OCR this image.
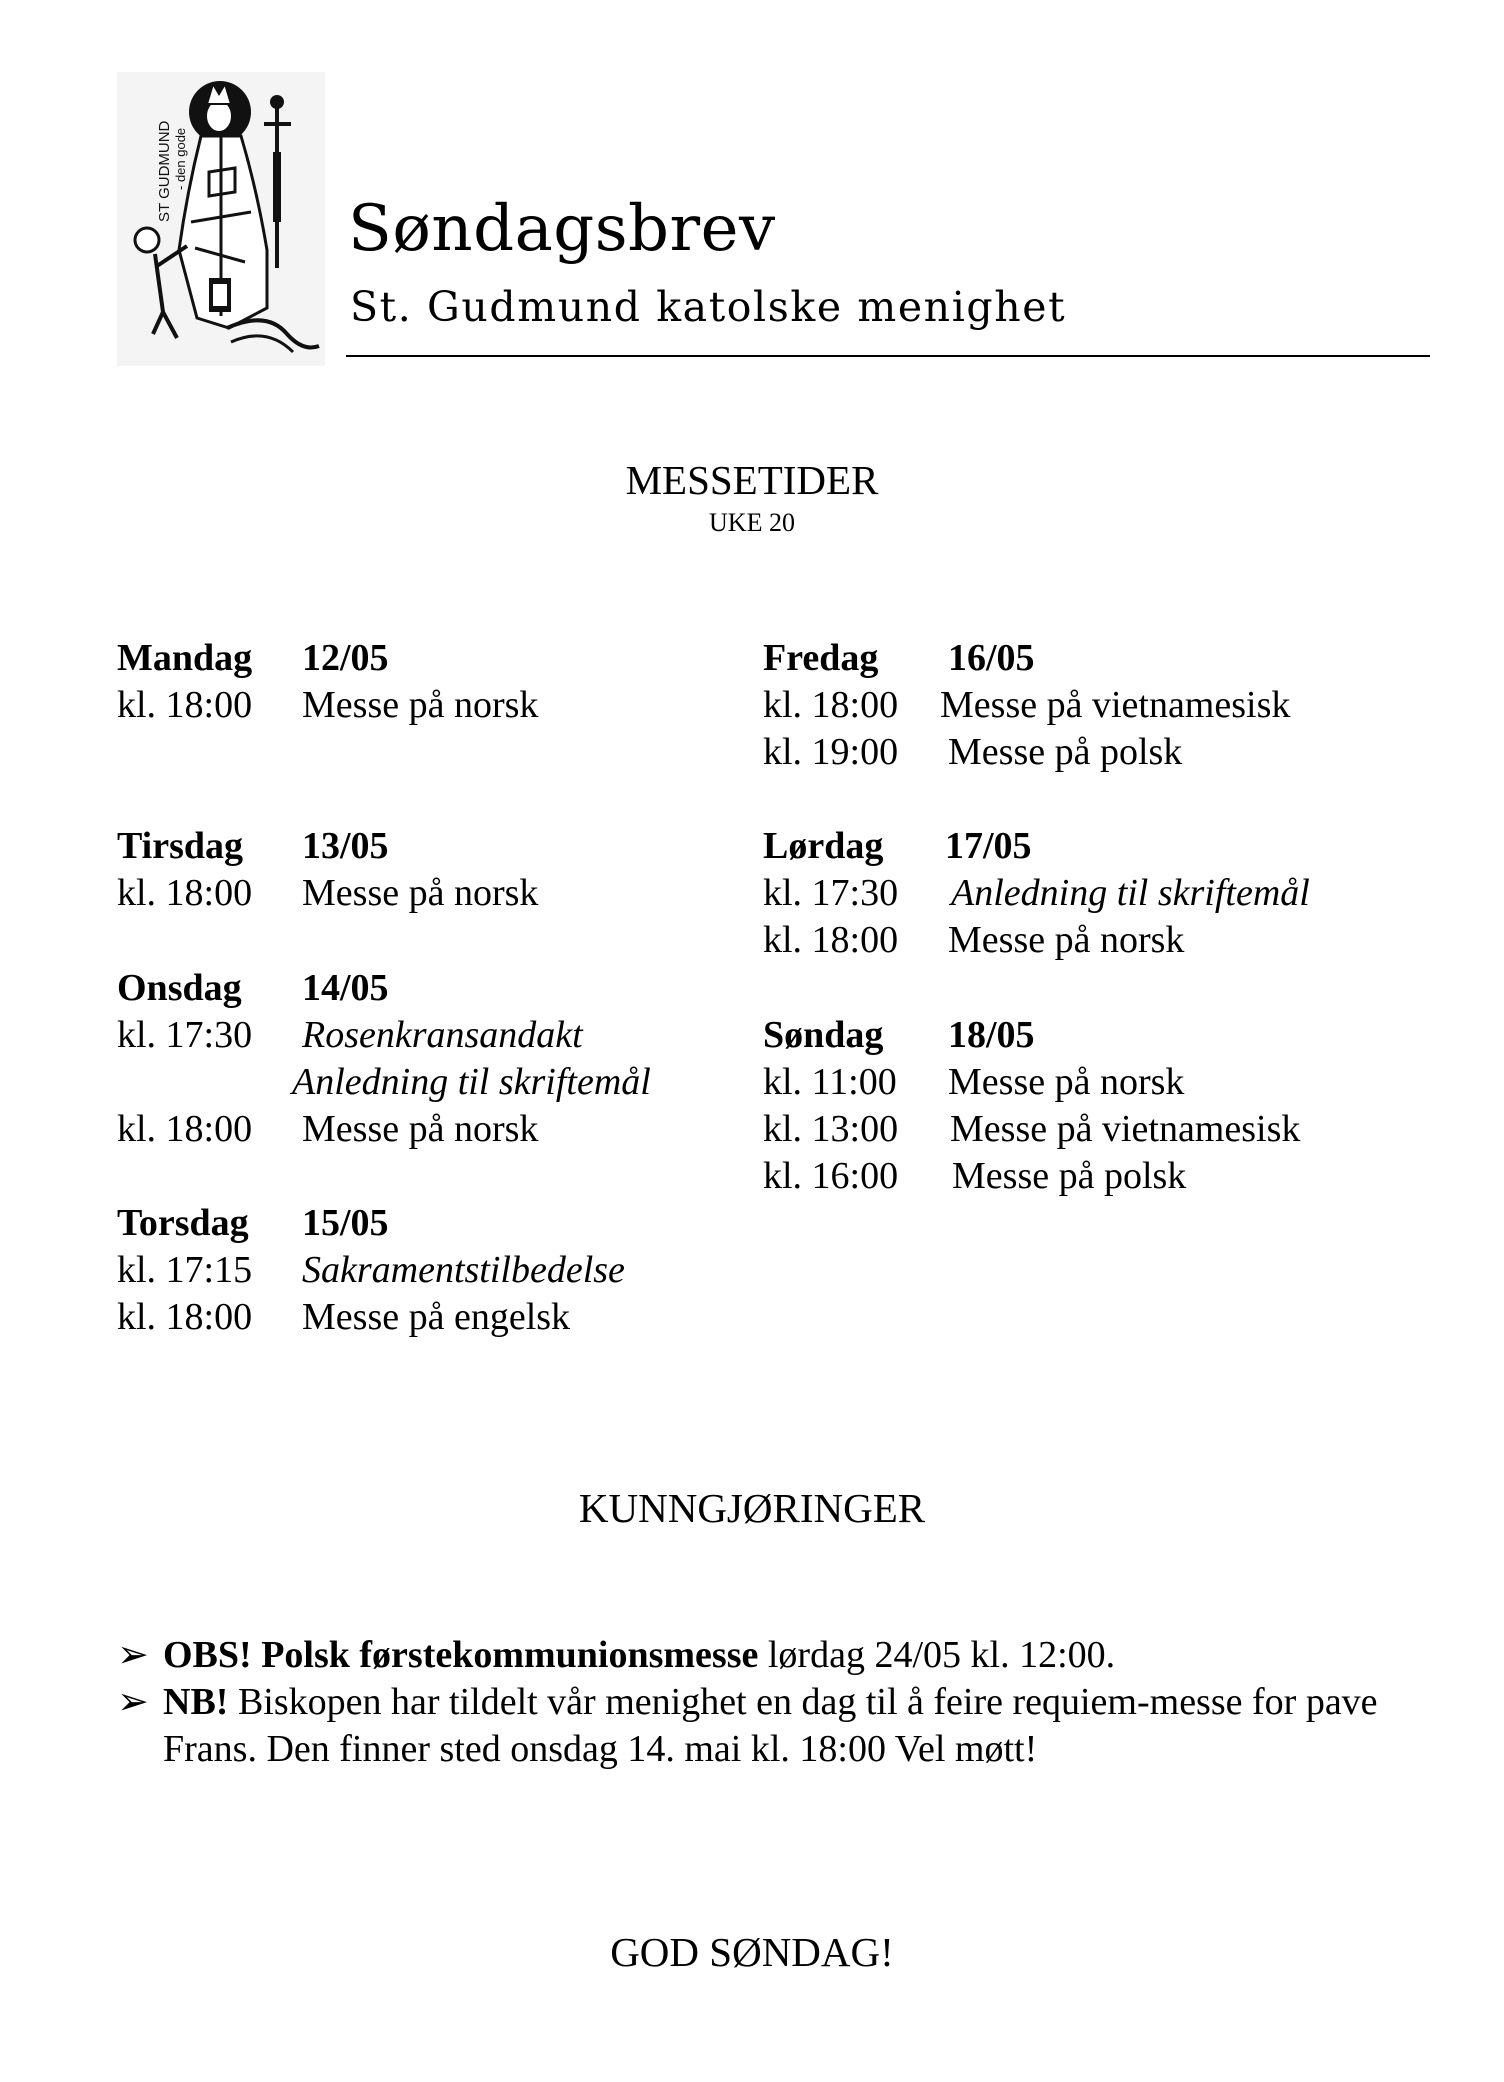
ST GUDMUND - den gode
Søndagsbrev
St. Gudmund katolske menighet
MESSETIDER
UKE 20
Mandag 12/05
kl. 18:00 Messe på norsk
Tirsdag 13/05
kl. 18:00 Messe på norsk
Onsdag 14/05
kl. 17:30 Rosenkransandakt
Anledning til skriftemål
kl. 18:00 Messe på norsk
Torsdag 15/05
kl. 17:15 Sakramentstilbedelse
kl. 18:00 Messe på engelsk
Fredag 16/05
kl. 18:00 Messe på vietnamesisk
kl. 19:00 Messe på polsk
Lørdag 17/05
kl. 17:30 Anledning til skriftemål
kl. 18:00 Messe på norsk
Søndag 18/05
kl. 11:00 Messe på norsk
kl. 13:00 Messe på vietnamesisk
kl. 16:00 Messe på polsk
KUNNGJØRINGER
➢ OBS! Polsk førstekommunionsmesse lørdag 24/05 kl. 12:00.
➢ NB! Biskopen har tildelt vår menighet en dag til å feire requiem-messe for pave Frans. Den finner sted onsdag 14. mai kl. 18:00 Vel møtt!
GOD SØNDAG!
